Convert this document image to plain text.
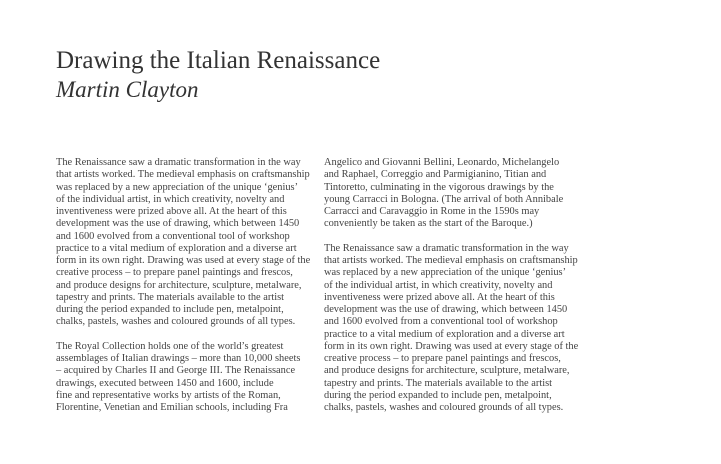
Drawing the Italian Renaissance
Martin Clayton

The Renaissance saw a dramatic transformation in the way
that artists worked. The medieval emphasis on craftsmanship
was replaced by a new appreciation of the unique ‘genius’
of the individual artist, in which creativity, novelty and
inventiveness were prized above all. At the heart of this
development was the use of drawing, which between 1450
and 1600 evolved from a conventional tool of workshop
practice to a vital medium of exploration and a diverse art
form in its own right. Drawing was used at every stage of the
creative process – to prepare panel paintings and frescos,
and produce designs for architecture, sculpture, metalware,
tapestry and prints. The materials available to the artist
during the period expanded to include pen, metalpoint,
chalks, pastels, washes and coloured grounds of all types.

The Royal Collection holds one of the world’s greatest
assemblages of Italian drawings – more than 10,000 sheets
– acquired by Charles II and George III. The Renaissance
drawings, executed between 1450 and 1600, include
fine and representative works by artists of the Roman,
Florentine, Venetian and Emilian schools, including Fra

Angelico and Giovanni Bellini, Leonardo, Michelangelo
and Raphael, Correggio and Parmigianino, Titian and
Tintoretto, culminating in the vigorous drawings by the
young Carracci in Bologna. (The arrival of both Annibale
Carracci and Caravaggio in Rome in the 1590s may
conveniently be taken as the start of the Baroque.)

The Renaissance saw a dramatic transformation in the way
that artists worked. The medieval emphasis on craftsmanship
was replaced by a new appreciation of the unique ‘genius’
of the individual artist, in which creativity, novelty and
inventiveness were prized above all. At the heart of this
development was the use of drawing, which between 1450
and 1600 evolved from a conventional tool of workshop
practice to a vital medium of exploration and a diverse art
form in its own right. Drawing was used at every stage of the
creative process – to prepare panel paintings and frescos,
and produce designs for architecture, sculpture, metalware,
tapestry and prints. The materials available to the artist
during the period expanded to include pen, metalpoint,
chalks, pastels, washes and coloured grounds of all types.
